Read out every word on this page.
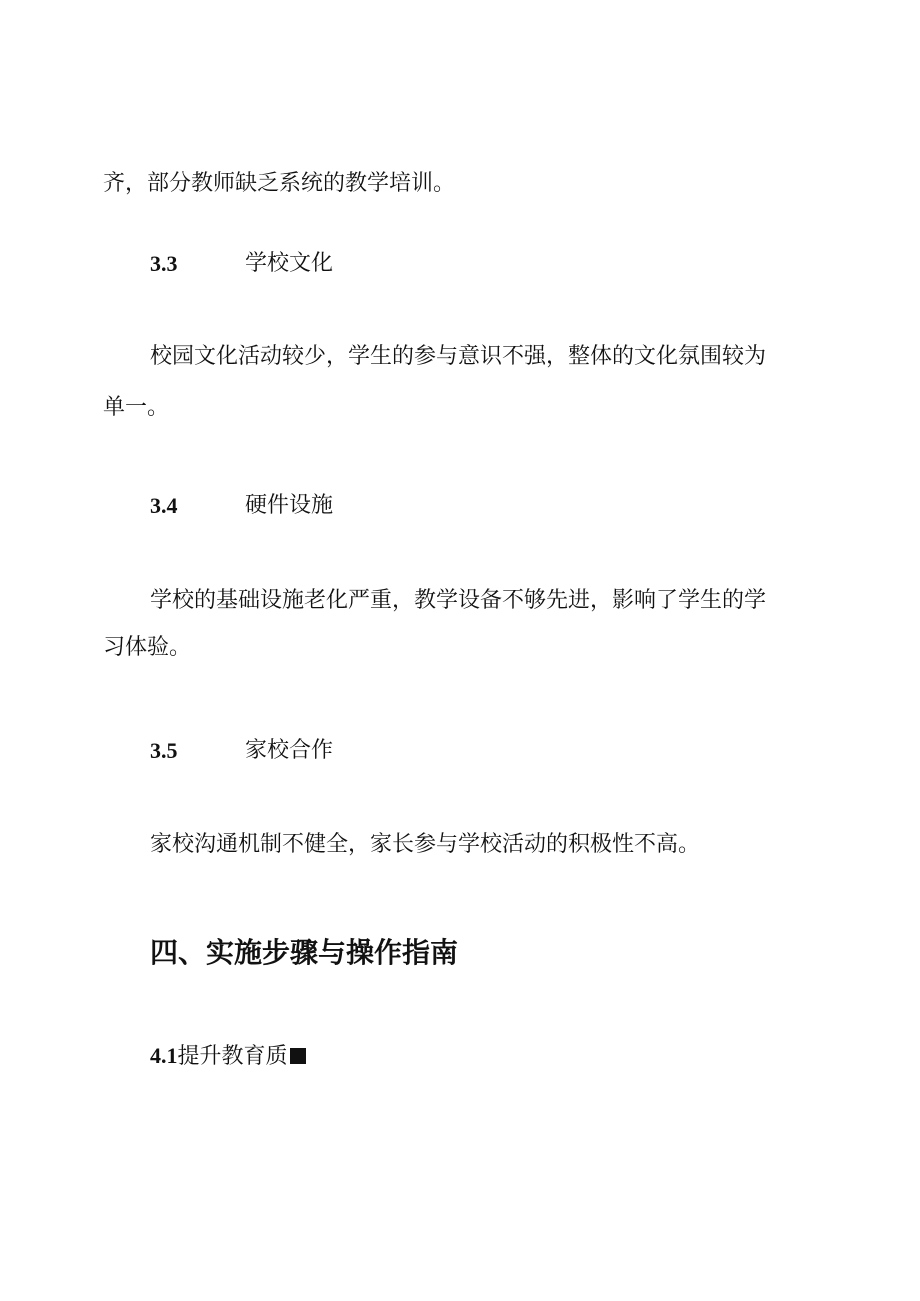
齐，部分教师缺乏系统的教学培训。
3.3	学校文化
校园文化活动较少，学生的参与意识不强，整体的文化氛围较为
单一。
3.4	硬件设施
学校的基础设施老化严重，教学设备不够先进，影响了学生的学
习体验。
3.5	家校合作
家校沟通机制不健全，家长参与学校活动的积极性不高。
四、实施步骤与操作指南
4.1提升教育质
